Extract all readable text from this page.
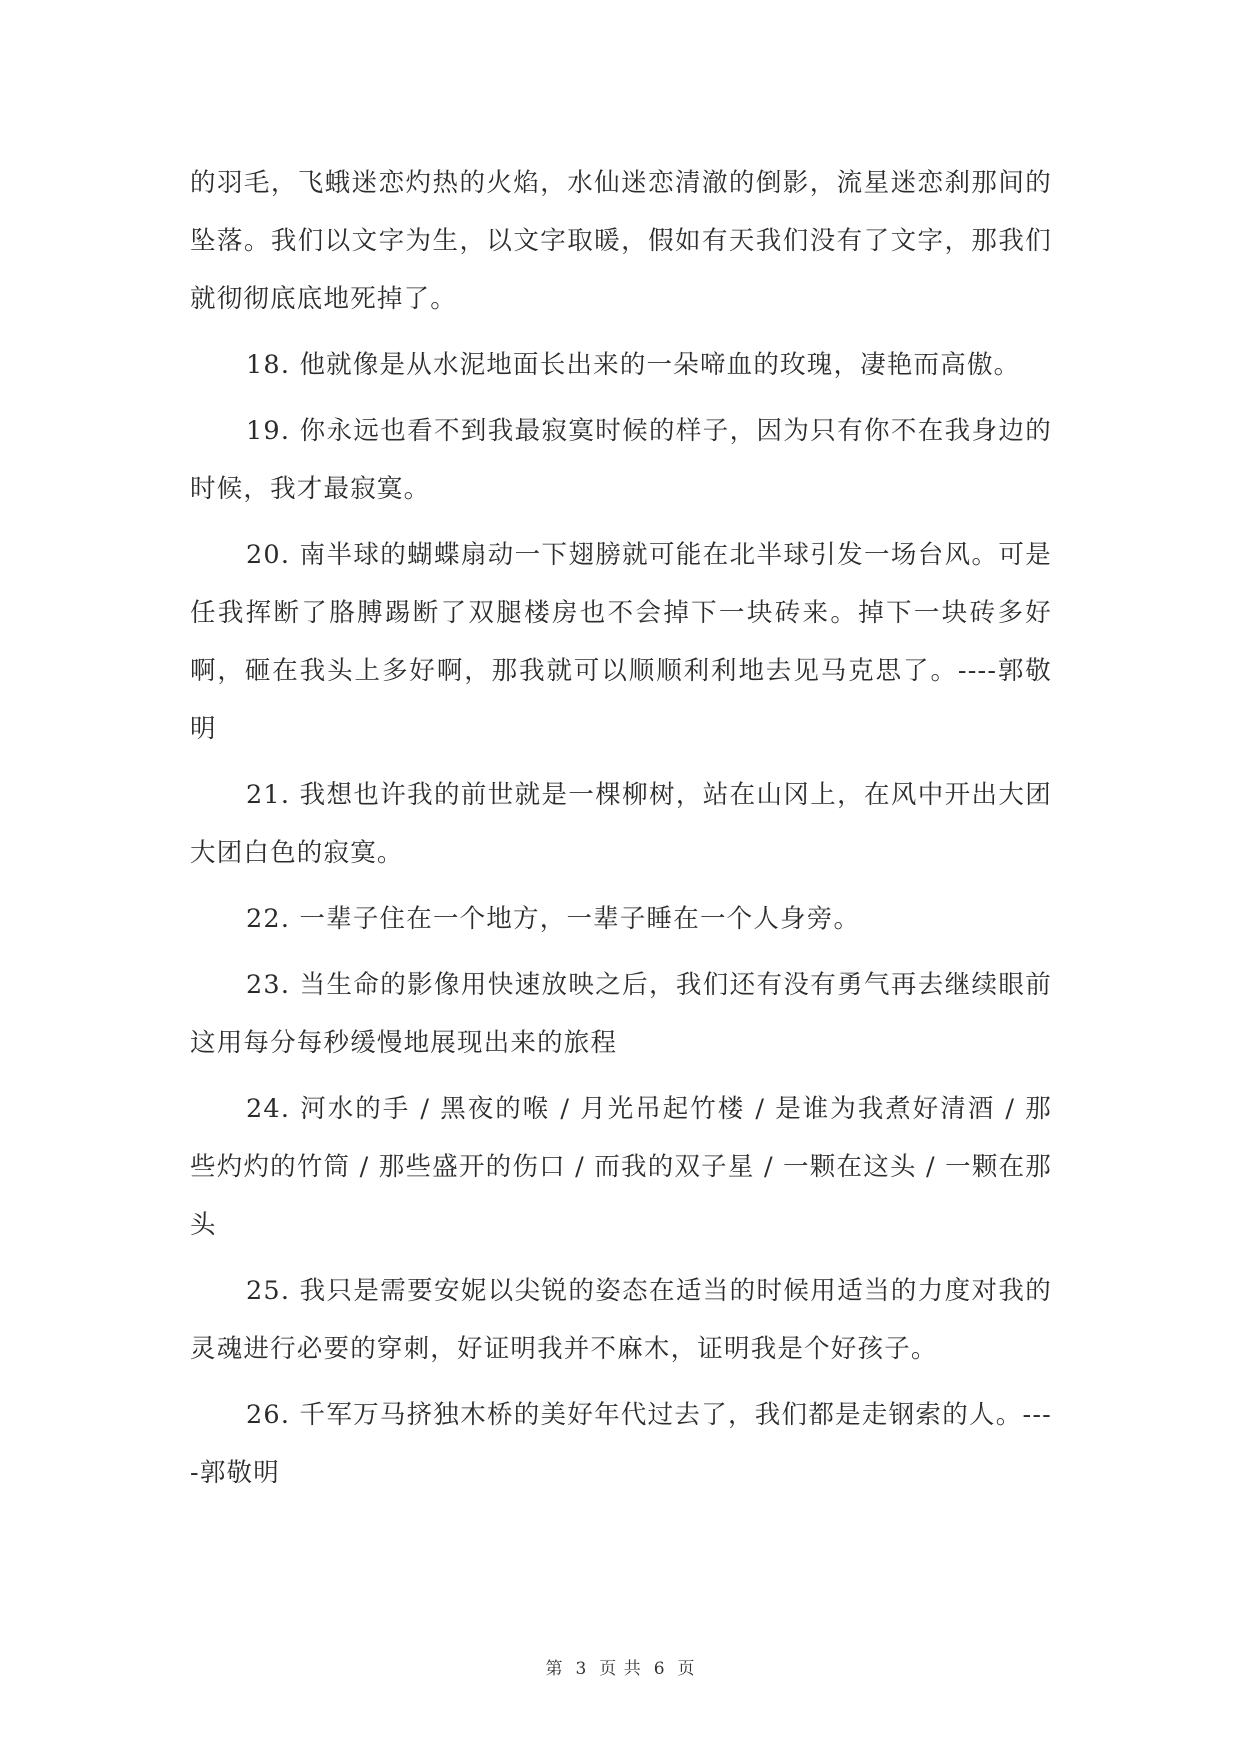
的羽毛，飞蛾迷恋灼热的火焰，水仙迷恋清澈的倒影，流星迷恋刹那间的坠落。我们以文字为生，以文字取暖，假如有天我们没有了文字，那我们就彻彻底底地死掉了。

18. 他就像是从水泥地面长出来的一朵啼血的玫瑰，凄艳而高傲。

19. 你永远也看不到我最寂寞时候的样子，因为只有你不在我身边的时候，我才最寂寞。

20. 南半球的蝴蝶扇动一下翅膀就可能在北半球引发一场台风。可是任我挥断了胳膊踢断了双腿楼房也不会掉下一块砖来。掉下一块砖多好啊，砸在我头上多好啊，那我就可以顺顺利利地去见马克思了。----郭敬明

21. 我想也许我的前世就是一棵柳树，站在山冈上，在风中开出大团大团白色的寂寞。

22. 一辈子住在一个地方，一辈子睡在一个人身旁。

23. 当生命的影像用快速放映之后，我们还有没有勇气再去继续眼前这用每分每秒缓慢地展现出来的旅程

24. 河水的手 / 黑夜的喉 / 月光吊起竹楼 / 是谁为我煮好清酒 / 那些灼灼的竹筒 / 那些盛开的伤口 / 而我的双子星 / 一颗在这头 / 一颗在那头

25. 我只是需要安妮以尖锐的姿态在适当的时候用适当的力度对我的灵魂进行必要的穿刺，好证明我并不麻木，证明我是个好孩子。

26. 千军万马挤独木桥的美好年代过去了，我们都是走钢索的人。----郭敬明

第 3 页 共 6 页
